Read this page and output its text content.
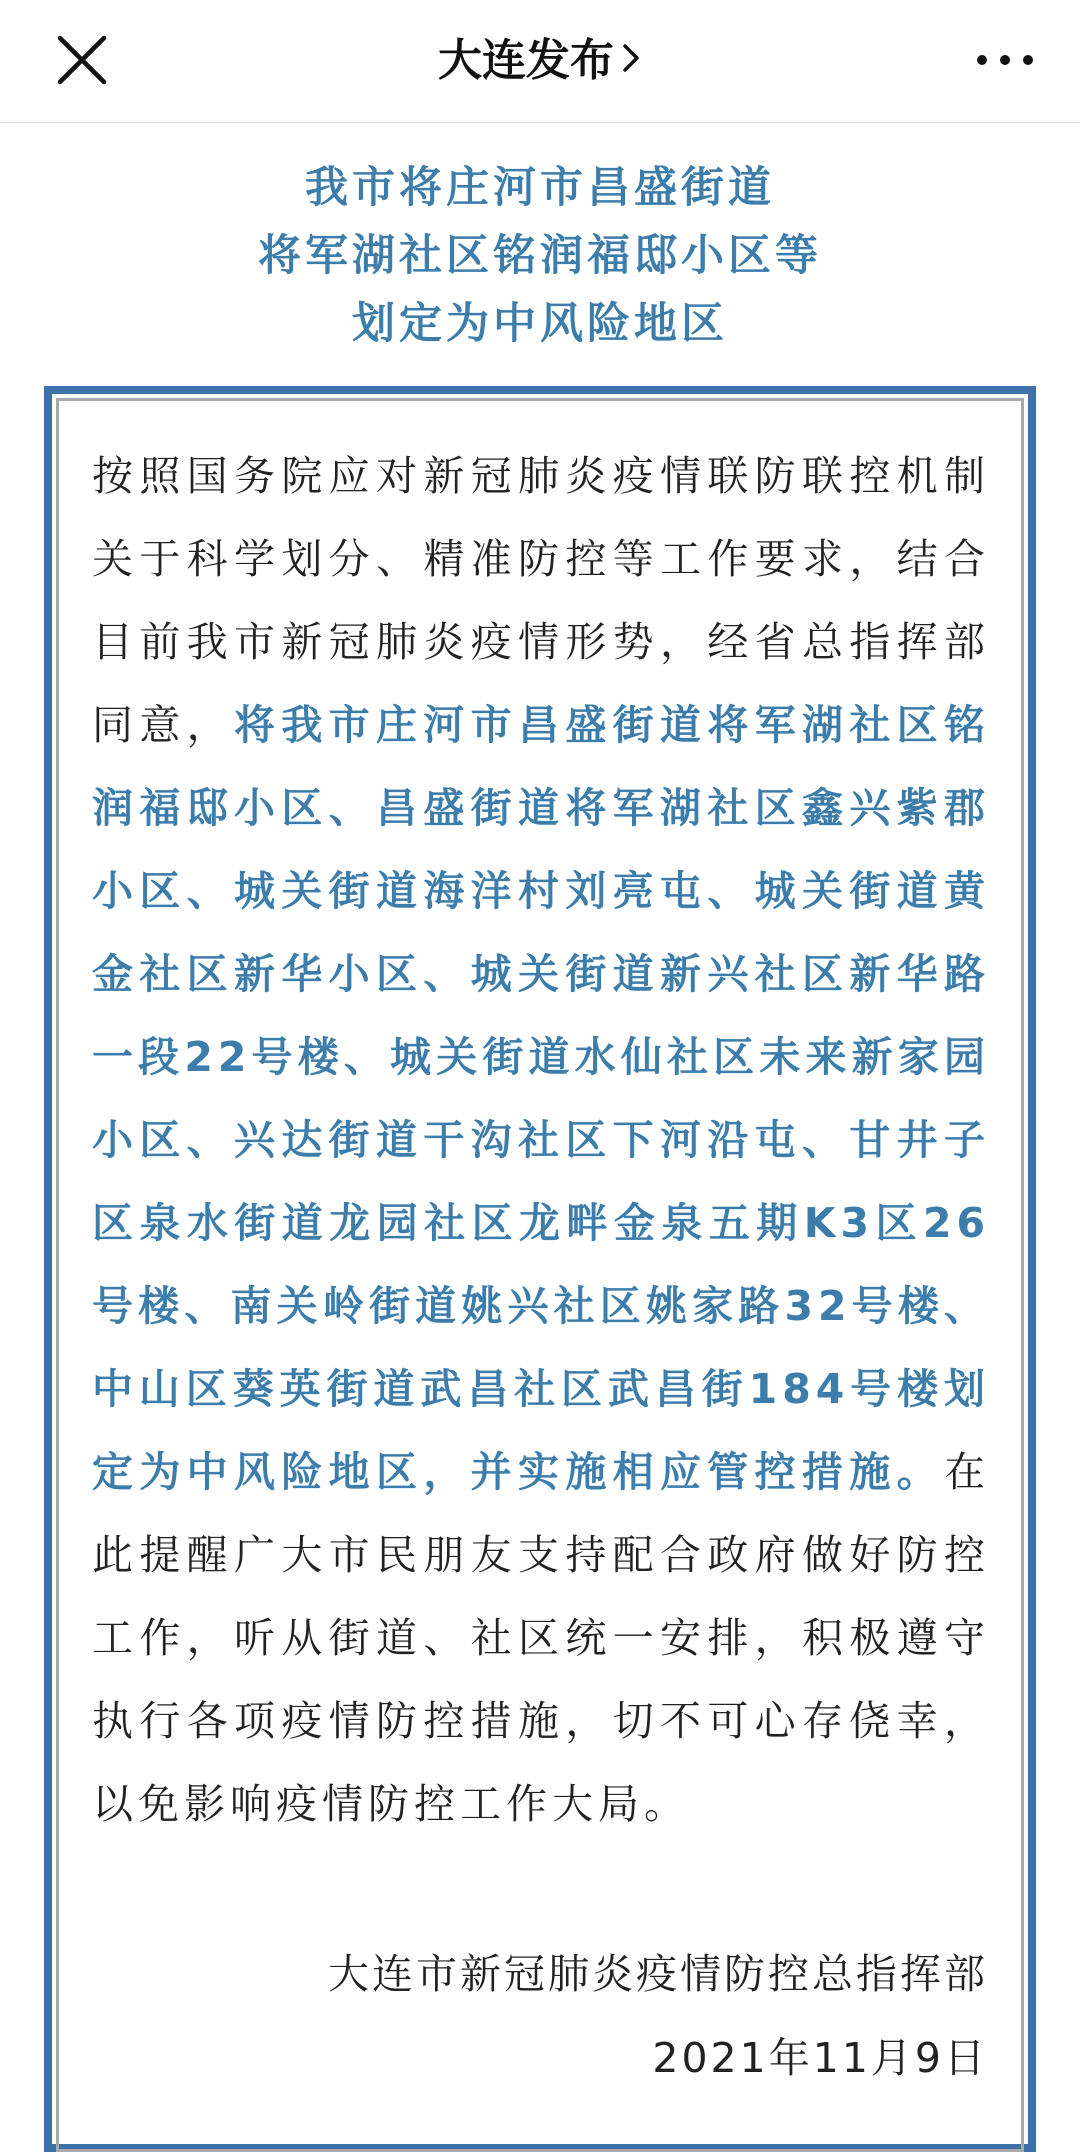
大连发布
我市将庄河市昌盛街道
将军湖社区铭润福邸小区等
划定为中风险地区
按照国务院应对新冠肺炎疫情联防联控机制关于科学划分、精准防控等工作要求，结合目前我市新冠肺炎疫情形势，经省总指挥部同意，将我市庄河市昌盛街道将军湖社区铭润福邸小区、昌盛街道将军湖社区鑫兴紫郡小区、城关街道海洋村刘亮屯、城关街道黄金社区新华小区、城关街道新兴社区新华路一段22号楼、城关街道水仙社区未来新家园小区、兴达街道干沟社区下河沿屯、甘井子区泉水街道龙园社区龙畔金泉五期K3区26号楼、南关岭街道姚兴社区姚家路32号楼、中山区葵英街道武昌社区武昌街184号楼划定为中风险地区，并实施相应管控措施。在此提醒广大市民朋友支持配合政府做好防控工作，听从街道、社区统一安排，积极遵守执行各项疫情防控措施，切不可心存侥幸，以免影响疫情防控工作大局。
大连市新冠肺炎疫情防控总指挥部
2021年11月9日
